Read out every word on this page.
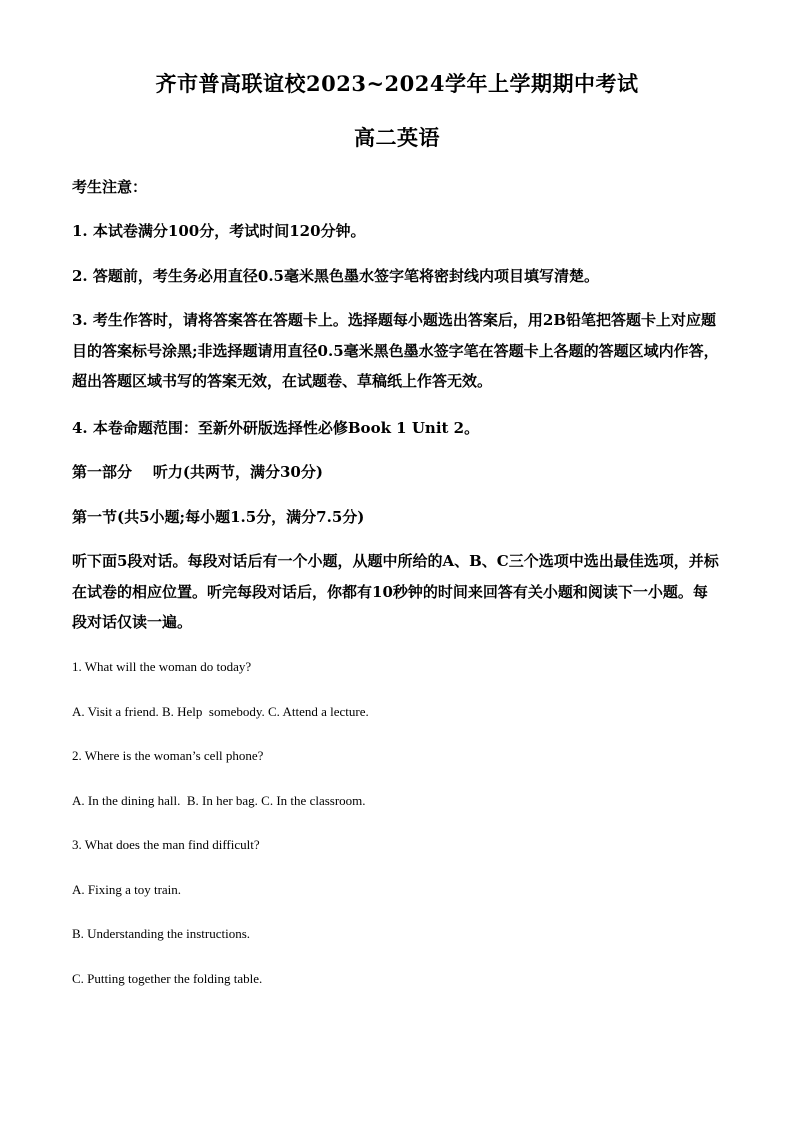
齐市普高联谊校2023~2024学年上学期期中考试
高二英语
考生注意：
1. 本试卷满分100分，考试时间120分钟。
2. 答题前，考生务必用直径0.5毫米黑色墨水签字笔将密封线内项目填写清楚。
3. 考生作答时，请将答案答在答题卡上。选择题每小题选出答案后，用2B铅笔把答题卡上对应题目的答案标号涂黑;非选择题请用直径0.5毫米黑色墨水签字笔在答题卡上各题的答题区域内作答，超出答题区域书写的答案无效，在试题卷、草稿纸上作答无效。
4. 本卷命题范围：至新外研版选择性必修Book 1 Unit 2。
第一部分    听力(共两节，满分30分)
第一节(共5小题;每小题1.5分，满分7.5分)
听下面5段对话。每段对话后有一个小题，从题中所给的A、B、C三个选项中选出最佳选项，并标在试卷的相应位置。听完每段对话后，你都有10秒钟的时间来回答有关小题和阅读下一小题。每段对话仅读一遍。
1. What will the woman do today?
A. Visit a friend. B. Help  somebody. C. Attend a lecture.
2. Where is the woman’s cell phone?
A. In the dining hall.  B. In her bag. C. In the classroom.
3. What does the man find difficult?
A. Fixing a toy train.
B. Understanding the instructions.
C. Putting together the folding table.
